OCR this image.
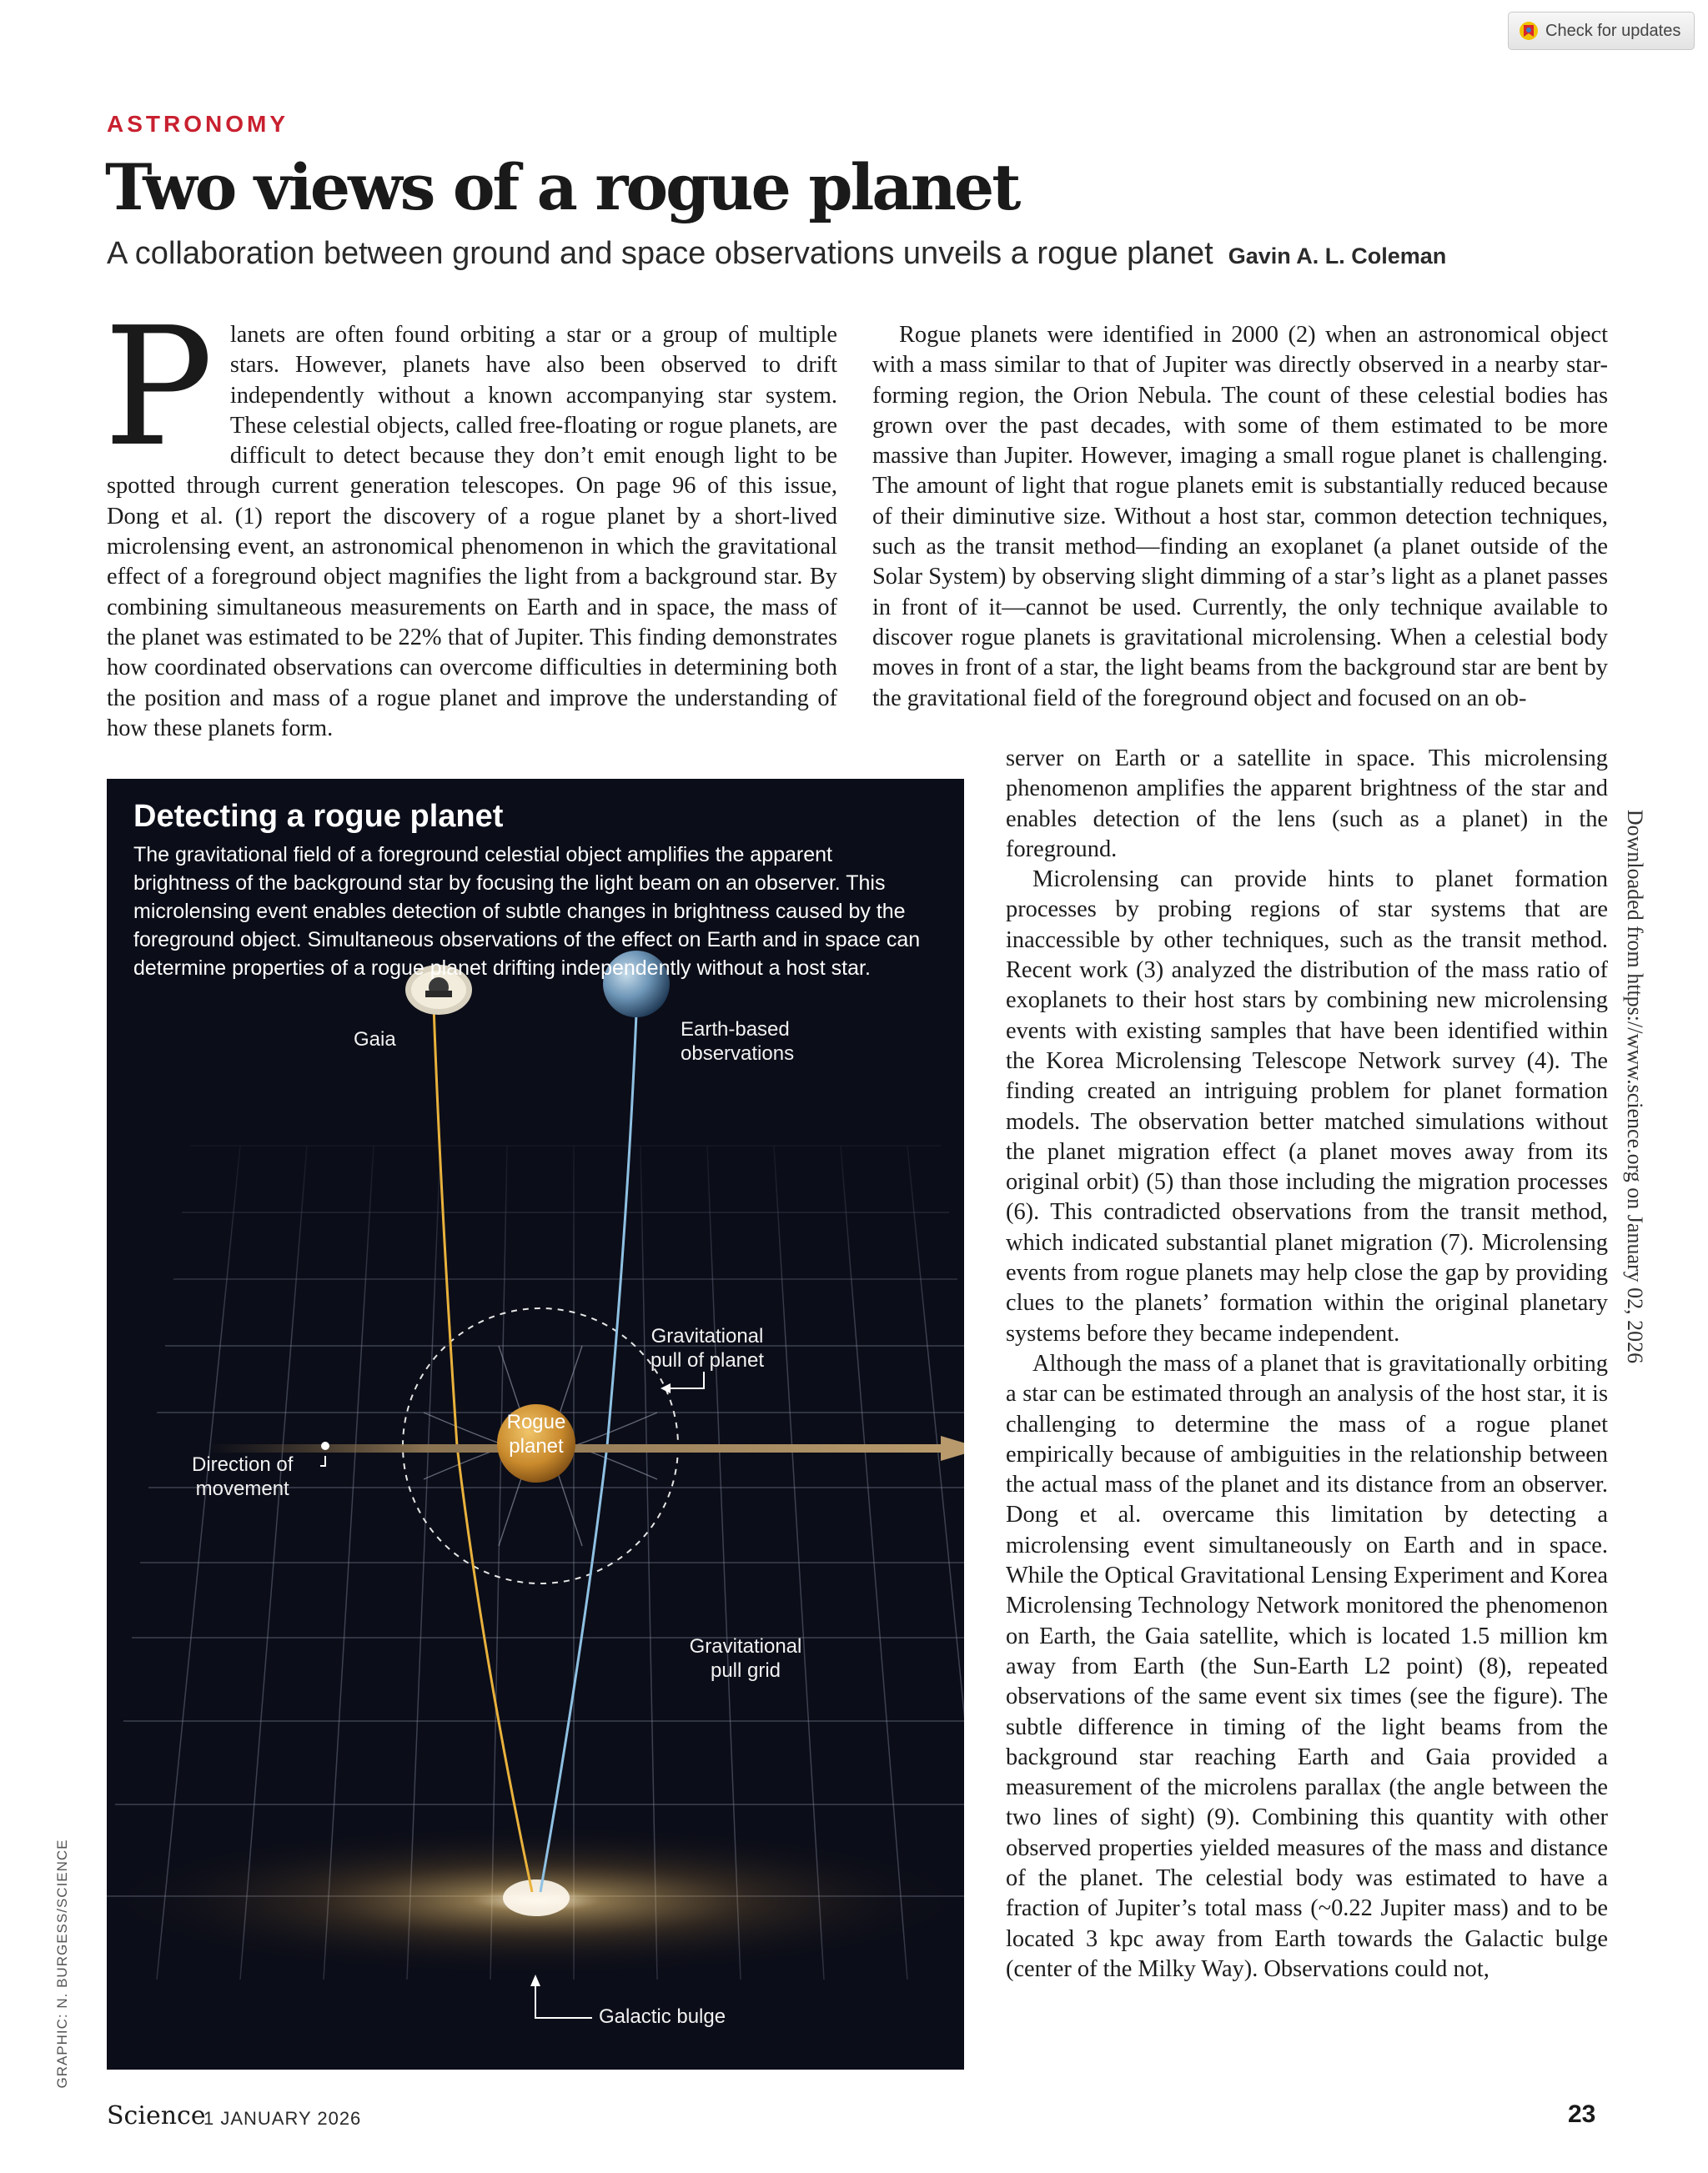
Check for updates
ASTRONOMY
Two views of a rogue planet
A collaboration between ground and space observations unveils a rogue planet Gavin A. L. Coleman
P lanets are often found orbiting a star or a group of multiple stars. However, planets have also been observed to drift independently without a known accompanying star system. These celestial objects, called free-floating or rogue planets, are difficult to detect because they don’t emit enough light to be spotted through current generation telescopes. On page 96 of this issue, Dong et al. (1) report the discovery of a rogue planet by a short-lived microlensing event, an astronomical phenomenon in which the gravitational effect of a foreground object magnifies the light from a background star. By combining simultaneous measurements on Earth and in space, the mass of the planet was estimated to be 22% that of Jupiter. This finding demonstrates how coordinated observations can overcome difficulties in determining both the position and mass of a rogue planet and improve the understanding of how these planets form.

Rogue planets were identified in 2000 (2) when an astronomical object with a mass similar to that of Jupiter was directly observed in a nearby star-forming region, the Orion Nebula. The count of these celestial bodies has grown over the past decades, with some of them estimated to be more massive than Jupiter. However, imaging a small rogue planet is challenging. The amount of light that rogue planets emit is substantially reduced because of their diminutive size. Without a host star, common detection techniques, such as the transit method—finding an exoplanet (a planet outside of the Solar System) by observing slight dimming of a star’s light as a planet passes in front of it—cannot be used. Currently, the only technique available to discover rogue planets is gravitational microlensing. When a celestial body moves in front of a star, the light beams from the background star are bent by the gravitational field of the foreground object and focused on an ob-

server on Earth or a satellite in space. This microlensing phenomenon amplifies the apparent brightness of the star and enables detection of the lens (such as a planet) in the foreground.

Microlensing can provide hints to planet formation processes by probing regions of star systems that are inaccessible by other techniques, such as the transit method. Recent work (3) analyzed the distribution of the mass ratio of exoplanets to their host stars by combining new microlensing events with existing samples that have been identified within the Korea Microlensing Telescope Network survey (4). The finding created an intriguing problem for planet formation models. The observation better matched simulations without the planet migration effect (a planet moves away from its original orbit) (5) than those including the migration processes (6). This contradicted observations from the transit method, which indicated substantial planet migration (7). Microlensing events from rogue planets may help close the gap by providing clues to the planets’ formation within the original planetary systems before they became independent.

Although the mass of a planet that is gravitationally orbiting a star can be estimated through an analysis of the host star, it is challenging to determine the mass of a rogue planet empirically because of ambiguities in the relationship between the actual mass of the planet and its distance from an observer. Dong et al. overcame this limitation by detecting a microlensing event simultaneously on Earth and in space. While the Optical Gravitational Lensing Experiment and Korea Microlensing Technology Network monitored the phenomenon on Earth, the Gaia satellite, which is located 1.5 million km away from Earth (the Sun-Earth L2 point) (8), repeated observations of the same event six times (see the figure). The subtle difference in timing of the light beams from the background star reaching Earth and Gaia provided a measurement of the microlens parallax (the angle between the two lines of sight) (9). Combining this quantity with other observed properties yielded measures of the mass and distance of the planet. The celestial body was estimated to have a fraction of Jupiter’s total mass (~0.22 Jupiter mass) and to be located 3 kpc away from Earth towards the Galactic bulge (center of the Milky Way). Observations could not,

Detecting a rogue planet
The gravitational field of a foreground celestial object amplifies the apparent brightness of the background star by focusing the light beam on an observer. This microlensing event enables detection of subtle changes in brightness caused by the foreground object. Simultaneous observations of the effect on Earth and in space can determine properties of a rogue planet drifting independently without a host star.
Gaia	Earth-based
observations
Gravitational
pull of planet
Rogue
planet
Direction of
movement
Gravitational
pull grid
Galactic bulge
Downloaded from https://www.science.org on January 02, 2026
GRAPHIC: N. BURGESS/SCIENCE
Science
1 JANUARY 2026	23
